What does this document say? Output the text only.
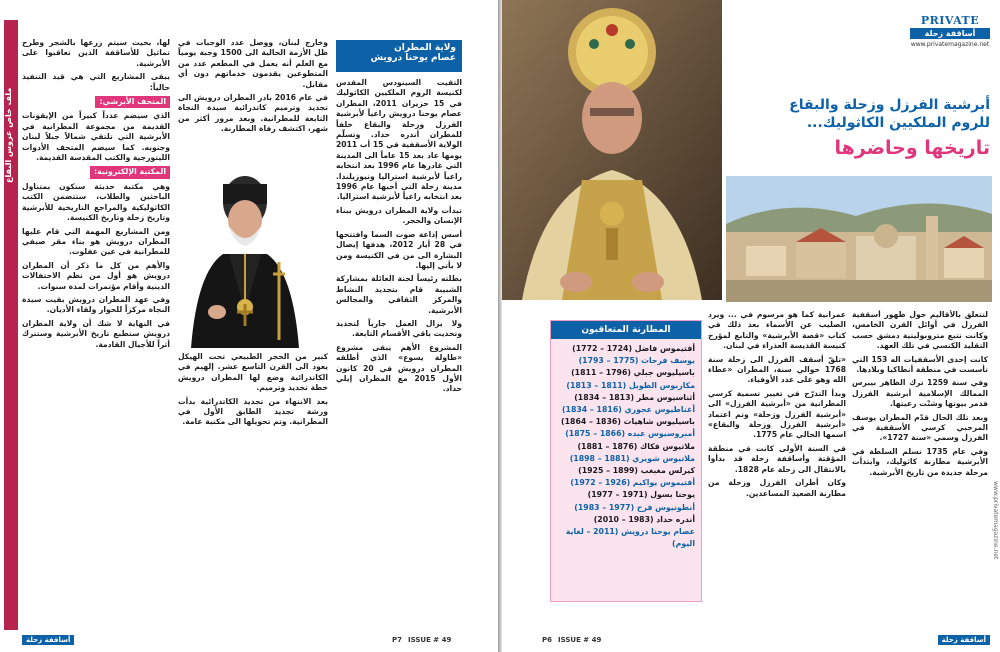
ملف خاص عروس البقاع

لها، بحيث سيتم زرعها بالشجر وطرح تماثيل للأساقفة الذين تعاقبوا على الأبرشية.

يبقى المشاريع التي هي قيد التنفيذ حالياً:

المتحف الأبرشي:

الذي سيضم عدداً كبيراً من الإيقونات القديمة من مجموعة المطرانية في الأبرشية التي تلتقي شمالاً جبلاً لبنان وجنوبه. كما سيضم المتحف الأدوات الليتورجية والكتب المقدسة القديمة.

المكتبة الإلكترونية:

وهي مكتبة حديثة ستكون بمتناول الباحثين والطلاب، ستتضمن الكتب الكاثوليكية والمراجع التاريخية للأبرشية وتاريخ زحلة وتاريخ الكنيسة.

ومن المشاريع المهمة التي قام عليها المطران درويش هو بناء مقر صيفي للمطرانية في عين عفلوت.

والأهم من كل ما ذكر أن المطران درويش هو أول من نظم الاحتفالات الدينية وأقام مؤتمرات لمدة سنوات.

وفي عهد المطران درويش بقيت سيدة النجاة مركزاً للحوار ولقاء الأديان.

في النهاية لا شك أن ولاية المطران درويش ستطبع تاريخ الأبرشية وستترك أثراً للأجيال القادمة.

وخارج لبنان، ووصل عدد الوجبات في ظل الأزمة الحالية الى 1500 وجبة يومياً مع العلم أنه يعمل في المطعم عدد من المتطوعين يقدمون خدماتهم دون أي مقابل.

في عام 2016 بادر المطران درويش الى تجديد وترميم كاتدرائية سيدة النجاة التابعة للمطرانية. وبعد مرور أكثر من شهر، اكتشف رفاة المطارنة.

كبير من الحجر الطبيعي تحت الهيكل يعود الى القرن التاسع عشر. إلهيم في الكاتدرائية وضع لها المطران درويش خطة تجديد وترميم.

بعد الانتهاء من تجديد الكاتدرائية بدأت ورشة تجديد الطابق الأول في المطرانية. وتم تحويلها الى مكتبة عامة.

ولاية المطران
عصام يوحنا درويش

التقيت السينودس المقدس لكنيسة الروم الملكيين الكاثوليك في 15 حزيران 2011، المطران عصام يوحنا درويش راعياً لأبرشية الفرزل وزحلة والبقاع خلفاً للمطران أندره حداد. وتسلّم الولاية الأسقفية في 15 أب 2011 يومها عاد بعد 15 عاماً الى المدينة التي غادرها عام 1996 بعد انتخابه راعياً لأبرشية استراليا ونيوزيلندا. مدينة زحلة التي أحبها عام 1996 بعد انتخابه راعياً لأبرشية استراليا.

تبدأت ولاية المطران درويش ببناء الإنسان والحجر.

أسس إذاعة صوت السما وافتتحها في 28 أيار 2012، هدفها إيصال البشارة الى من في الكنيسة ومن لا يأتي إليها.

بطلته رئيساً لجنة العائلة بمشاركة الشبيبة قام بتجديد النشاط والمركز الثقافي والمجالس الأبرشية.

ولا يزال العمل جارياً لتجديد وتحديث باقي الأقسام التابعة.

المشروع الأهم يبقى مشروع «طاولة يسوع» الذي أطلقه المطران درويش في 20 كانون الأول 2015 مع المطران إيلي حداد.

أساقفة زحلة	P7 ISSUE # 49
PRIVATE
أساقفة زحلة
www.privatemagazine.net
أبرشية الفرزل وزحلة والبقاع
للروم الملكيين الكاثوليك...
تاريخها وحاضرها
المطارنة المتعاقبون
أفتيموس فاضل (1724 – 1772)
يوسف فرحات (1775 – 1793)
باسيليوس جبلي (1796 – 1811)
مكاريوس الطويل (1811 – 1813)
أثناسيوس مطر (1813 – 1834)
أغناطيوس عجوري (1816 – 1834)
باسيليوس شاهيات (1836 – 1864)
أمبروسيوس عبده (1866 – 1875)
ملاتيوس فكاك (1876 – 1881)
ملاتيوس شويري (1881 – 1898)
كيرلس مغبغب (1899 – 1925)
أفتيموس يواكيم (1926 – 1972)
يوحنا بسول (1971 – 1977)
أنطونيوس فرح (1977 – 1983)
أندره حداد (1983 – 2010)
عصام يوحنا درويش (2011 – لغاية اليوم)

عمرانية كما هو مرسوم في ... ويرد الصليب عن الأسماء بعد ذلك في كتاب «قصة الأبرشية» والتابع لمؤرخ كنيسة القديسة العذراء في لبنان.

«تلقّ أسقف الفرزل الى زحلة سنة 1768 حوالي سنة، المطران «عطاء الله وهو على عدد الأوفياء.

وبدأ التدرّج في تغيير تسمية كرسي المطرانية من «أبرشية الفرزل» الى «أبرشية الفرزل وزحلة» وتم اعتماد «أبرشية الفرزل وزحلة والبقاع» اسمها الحالي عام 1775.

في السنة الأولى كانت في منطقة المؤقتة وأساقفة زحلة قد بدأوا بالانتقال الى زحلة عام 1828.

وكان أطران الفرزل وزحلة من مطارنة الصعيد المساعدين.

لتتعلق بالأقاليم حول ظهور أسقفية الفرزل في أوائل القرن الخامس، وكانت تتبع متروبوليتية دمشق حسب التقليد الكنسي في تلك العهد.

كانت إحدى الأسقفيات اله 153 التي تأسست في منطقة أنطاكيا وبلادها.

وفي سنة 1259 ترك الظاهر بيبرس الممالك الإسلامية أبرشية الفرزل فدمر بيوتها وشتّت رعيتها.

وبعد تلك الحال قدّم المطران يوسف المرجبي كرسي الأسقفية في الفرزل وسمي «سنة 1727».

وفي عام 1735 تسلم السلطة في الأبرشية مطارنة كاثوليك، وابتدأت مرحلة جديدة من تاريخ الأبرشية.

www.privatemagazine.net
P6 ISSUE # 49	أساقفة زحلة
